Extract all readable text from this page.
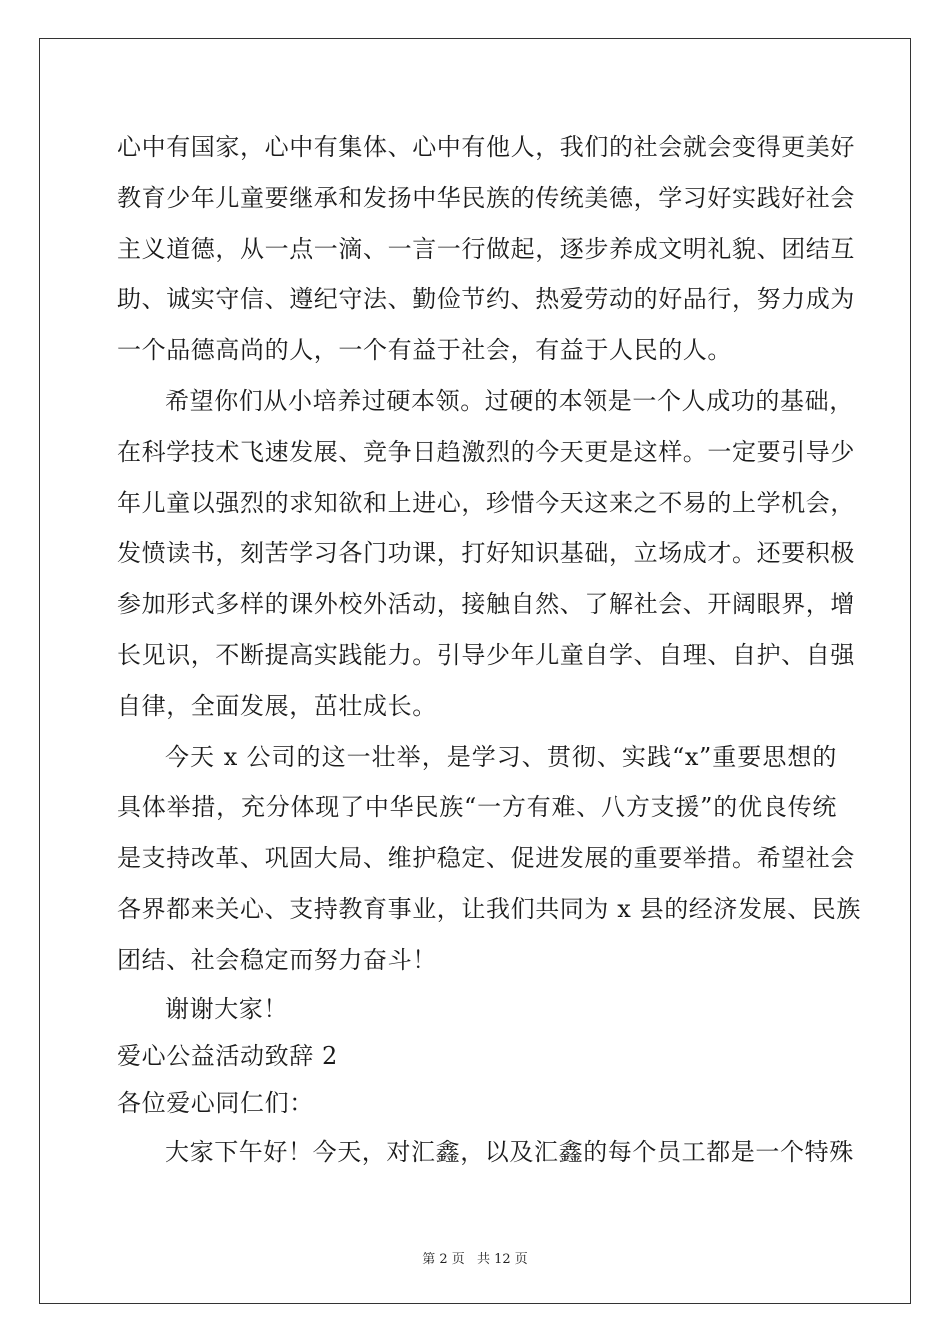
心中有国家，心中有集体、心中有他人，我们的社会就会变得更美好
教育少年儿童要继承和发扬中华民族的传统美德，学习好实践好社会
主义道德，从一点一滴、一言一行做起，逐步养成文明礼貌、团结互
助、诚实守信、遵纪守法、勤俭节约、热爱劳动的好品行，努力成为
一个品德高尚的人，一个有益于社会，有益于人民的人。
希望你们从小培养过硬本领。过硬的本领是一个人成功的基础，
在科学技术飞速发展、竞争日趋激烈的今天更是这样。一定要引导少
年儿童以强烈的求知欲和上进心，珍惜今天这来之不易的上学机会，
发愤读书，刻苦学习各门功课，打好知识基础，立场成才。还要积极
参加形式多样的课外校外活动，接触自然、了解社会、开阔眼界，增
长见识，不断提高实践能力。引导少年儿童自学、自理、自护、自强
自律，全面发展，茁壮成长。
今天 x 公司的这一壮举，是学习、贯彻、实践“x”重要思想的
具体举措，充分体现了中华民族“一方有难、八方支援”的优良传统
是支持改革、巩固大局、维护稳定、促进发展的重要举措。希望社会
各界都来关心、支持教育事业，让我们共同为 x 县的经济发展、民族
团结、社会稳定而努力奋斗！
谢谢大家！
爱心公益活动致辞 2
各位爱心同仁们：
大家下午好！今天，对汇鑫，以及汇鑫的每个员工都是一个特殊
第 2 页 共 12 页
